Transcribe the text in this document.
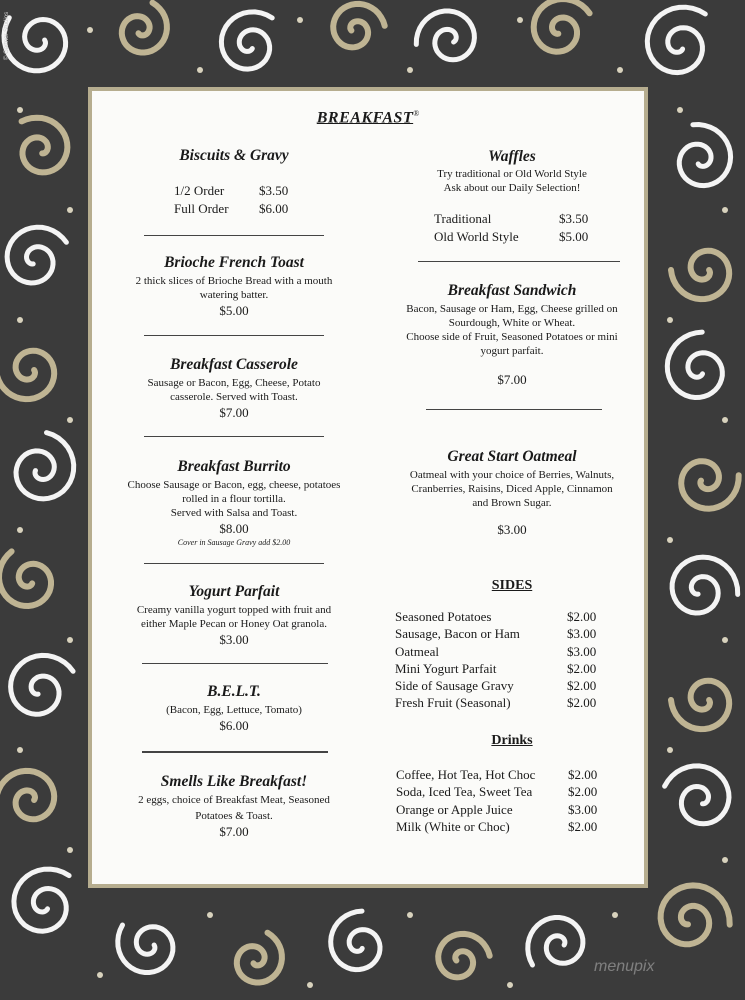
© Gartner Studios
BREAKFAST®
Biscuits & Gravy
1/2 Order	$3.50
Full Order $6.00
Brioche French Toast
2 thick slices of Brioche Bread with a mouth
watering batter.
$5.00
Breakfast Casserole
Sausage or Bacon, Egg, Cheese, Potato
casserole. Served with Toast.
$7.00
Breakfast Burrito
Choose Sausage or Bacon, egg, cheese, potatoes
rolled in a flour tortilla.
Served with Salsa and Toast.
$8.00
Cover in Sausage Gravy add $2.00
Yogurt Parfait
Creamy vanilla yogurt topped with fruit and
either Maple Pecan or Honey Oat granola.
$3.00
B.E.L.T.
(Bacon, Egg, Lettuce, Tomato)
$6.00
Smells Like Breakfast!
2 eggs, choice of Breakfast Meat, Seasoned
Potatoes & Toast.
$7.00
Waffles
Try traditional or Old World Style
Ask about our Daily Selection!
Traditional	$3.50
Old World Style	$5.00
Breakfast Sandwich
Bacon, Sausage or Ham, Egg, Cheese grilled on
Sourdough, White or Wheat.
Choose side of Fruit, Seasoned Potatoes or mini
yogurt parfait.
$7.00
Great Start Oatmeal
Oatmeal with your choice of Berries, Walnuts,
Cranberries, Raisins, Diced Apple, Cinnamon
and Brown Sugar.
$3.00
SIDES
Seasoned Potatoes	$2.00
Sausage, Bacon or Ham	$3.00
Oatmeal	$3.00
Mini Yogurt Parfait	$2.00
Side of Sausage Gravy	$2.00
Fresh Fruit (Seasonal)	$2.00
Drinks
Coffee, Hot Tea, Hot Choc	$2.00
Soda, Iced Tea, Sweet Tea	$2.00
Orange or Apple Juice	$3.00
Milk (White or Choc)	$2.00
menupix
